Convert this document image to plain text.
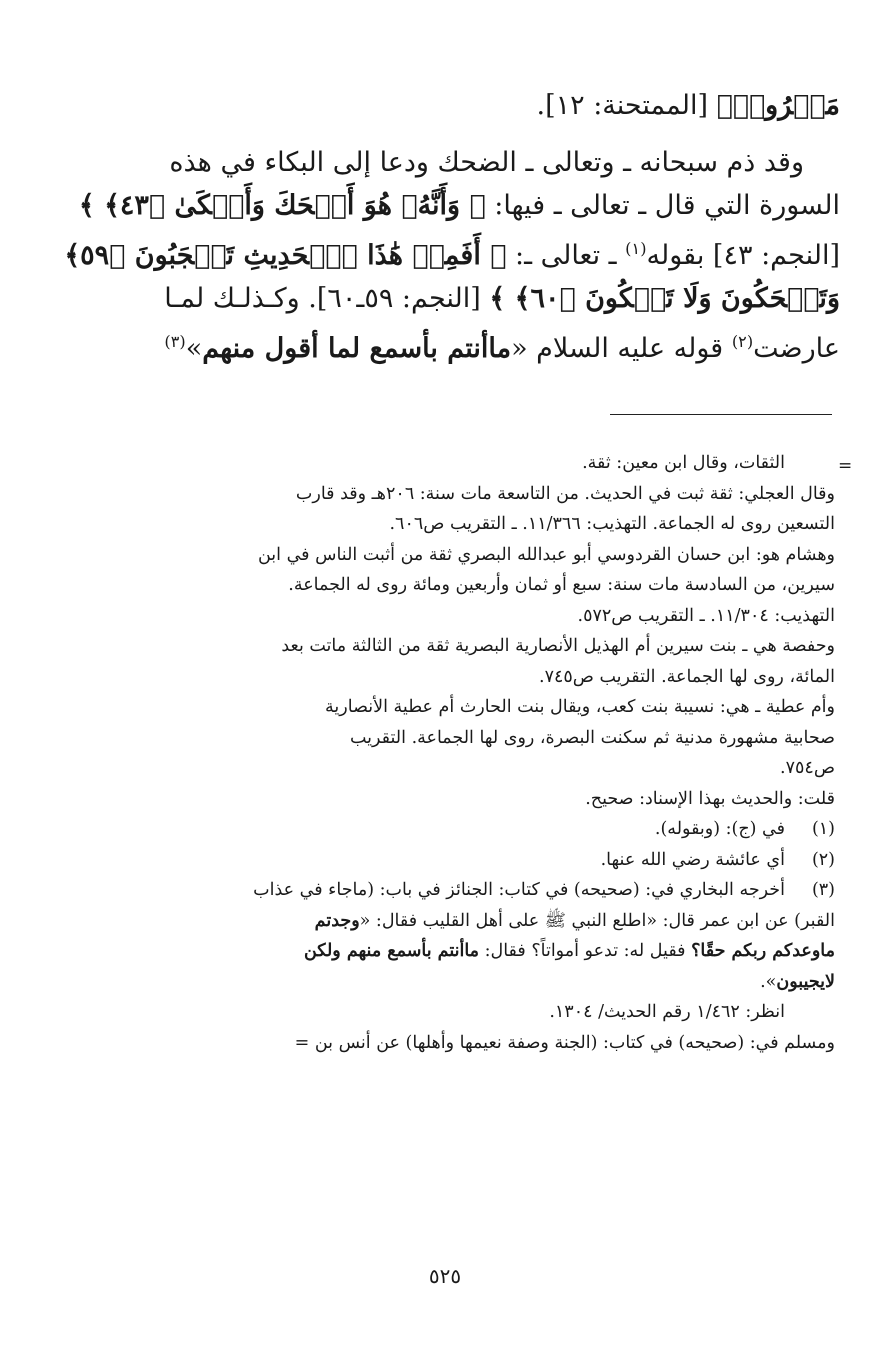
مَعۡرُوفٖ﴾ [الممتحنة: ١٢].

وقد ذم سبحانه ـ وتعالى ـ الضحك ودعا إلى البكاء في هذه

السورة التي قال ـ تعالى ـ فيها: ﴿ وَأَنَّهُۥ هُوَ أَضۡحَكَ وَأَبۡكَىٰ ﴿٤٣﴾ ﴾

[النجم: ٤٣] بقوله$^{(١)}$ ـ تعالى ـ: ﴿ أَفَمِنۡ هَٰذَا ٱلۡحَدِيثِ تَعۡجَبُونَ ﴿٥٩﴾

وَتَضۡحَكُونَ وَلَا تَبۡكُونَ ﴿٦٠﴾ ﴾ [النجم: ٥٩ـ٦٠]. وكـذلـك لمـا

عارضت$^{(٢)}$ قوله عليه السلام «ماأنتم بأسمع لما أقول منهم»$^{(٣)}$

=
الثقات، وقال ابن معين: ثقة.
وقال العجلي: ثقة ثبت في الحديث. من التاسعة مات سنة: ٢٠٦هـ وقد قارب
التسعين روى له الجماعة. التهذيب: ١١/٣٦٦. ـ التقريب ص٦٠٦.
وهشام هو: ابن حسان القردوسي أبو عبدالله البصري ثقة من أثبت الناس في ابن
سيرين، من السادسة مات سنة: سبع أو ثمان وأربعين ومائة روى له الجماعة.
التهذيب: ١١/٣٠٤. ـ التقريب ص٥٧٢.
وحفصة هي ـ بنت سيرين أم الهذيل الأنصارية البصرية ثقة من الثالثة ماتت بعد
المائة، روى لها الجماعة. التقريب ص٧٤٥.
وأم عطية ـ هي: نسيبة بنت كعب، ويقال بنت الحارث أم عطية الأنصارية
صحابية مشهورة مدنية ثم سكنت البصرة، روى لها الجماعة. التقريب
ص٧٥٤.
قلت: والحديث بهذا الإسناد: صحيح.
(١)
في (ج): (وبقوله).
(٢)
أي عائشة رضي الله عنها.
(٣)
أخرجه البخاري في: (صحيحه) في كتاب: الجنائز في باب: (ماجاء في عذاب
القبر) عن ابن عمر قال: «اطلع النبي ﷺ على أهل القليب فقال: «وجدتم
ماوعدكم ربكم حقًا؟ فقيل له: تدعو أمواتاً؟ فقال: ماأنتم بأسمع منهم ولكن
لايجيبون».
انظر: ١/٤٦٢ رقم الحديث/ ١٣٠٤.
ومسلم في: (صحيحه) في كتاب: (الجنة وصفة نعيمها وأهلها) عن أنس بن =
٥٢٥
